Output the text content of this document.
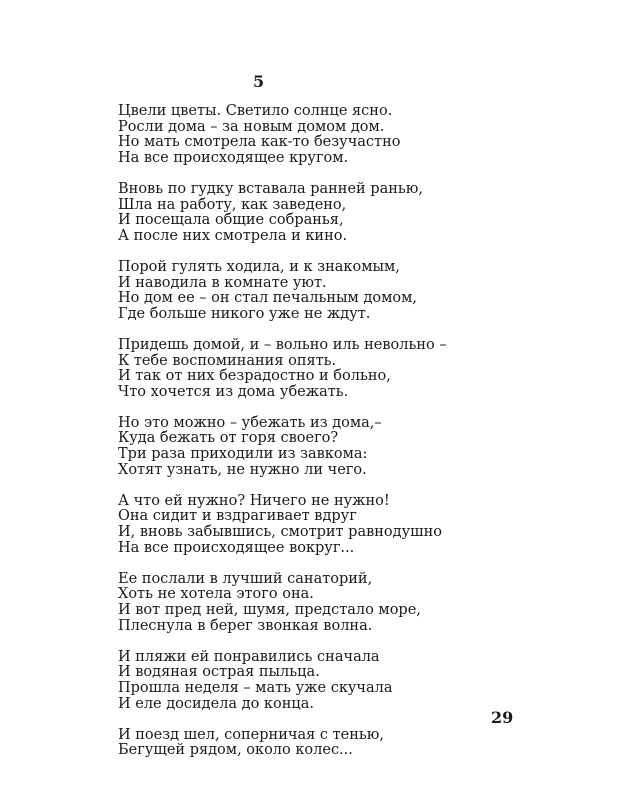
5
Цвели цветы. Светило солнце ясно.
Росли дома – за новым домом дом.
Но мать смотрела как-то безучастно
На все происходящее кругом.
Вновь по гудку вставала ранней ранью,
Шла на работу, как заведено,
И посещала общие собранья,
А после них смотрела и кино.
Порой гулять ходила, и к знакомым,
И наводила в комнате уют.
Но дом ее – он стал печальным домом,
Где больше никого уже не ждут.
Придешь домой, и – вольно иль невольно –
К тебе воспоминания опять.
И так от них безрадостно и больно,
Что хочется из дома убежать.
Но это можно – убежать из дома,–
Куда бежать от горя своего?
Три раза приходили из завкома:
Хотят узнать, не нужно ли чего.
А что ей нужно? Ничего не нужно!
Она сидит и вздрагивает вдруг
И, вновь забывшись, смотрит равнодушно
На все происходящее вокруг...
Ее послали в лучший санаторий,
Хоть не хотела этого она.
И вот пред ней, шумя, предстало море,
Плеснула в берег звонкая волна.
И пляжи ей понравились сначала
И водяная острая пыльца.
Прошла неделя – мать уже скучала
И еле досидела до конца.
И поезд шел, соперничая с тенью,
Бегущей рядом, около колес...
29
